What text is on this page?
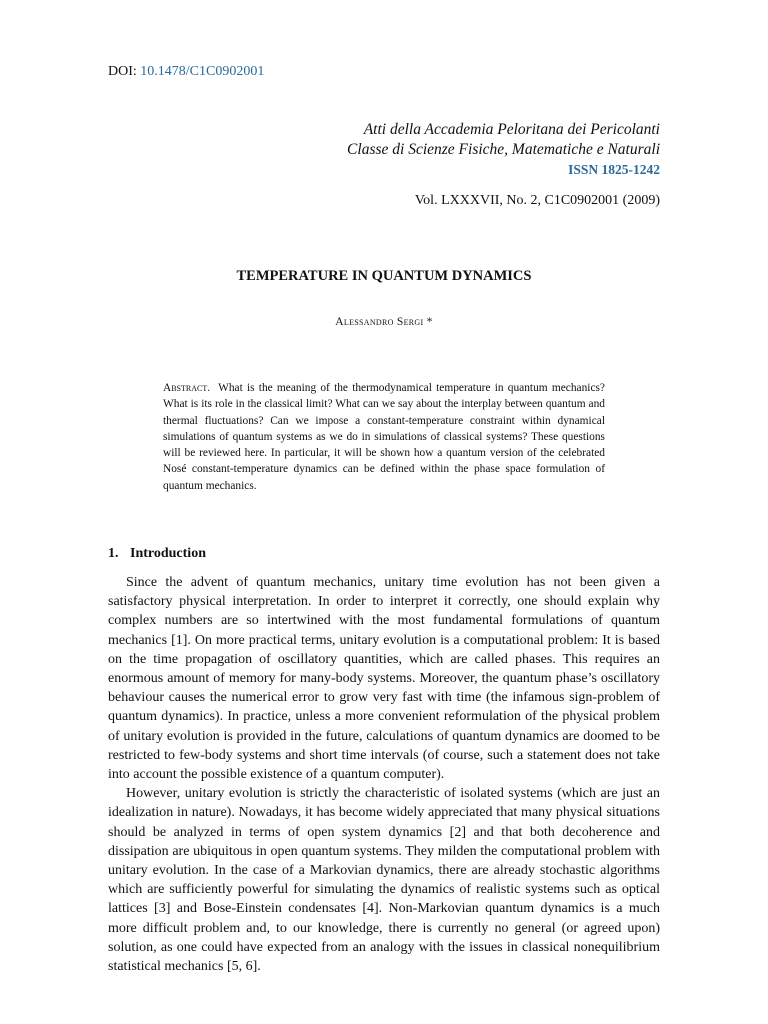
DOI: 10.1478/C1C0902001
Atti della Accademia Peloritana dei Pericolanti
Classe di Scienze Fisiche, Matematiche e Naturali
ISSN 1825-1242
Vol. LXXXVII, No. 2, C1C0902001 (2009)
TEMPERATURE IN QUANTUM DYNAMICS
Alessandro Sergi *
Abstract. What is the meaning of the thermodynamical temperature in quantum mechanics? What is its role in the classical limit? What can we say about the interplay between quantum and thermal fluctuations? Can we impose a constant-temperature constraint within dynamical simulations of quantum systems as we do in simulations of classical systems? These questions will be reviewed here. In particular, it will be shown how a quantum version of the celebrated Nosé constant-temperature dynamics can be defined within the phase space formulation of quantum mechanics.
1. Introduction

Since the advent of quantum mechanics, unitary time evolution has not been given a satisfactory physical interpretation. In order to interpret it correctly, one should explain why complex numbers are so intertwined with the most fundamental formulations of quantum mechanics [1]. On more practical terms, unitary evolution is a computational problem: It is based on the time propagation of oscillatory quantities, which are called phases. This requires an enormous amount of memory for many-body systems. Moreover, the quantum phase’s oscillatory behaviour causes the numerical error to grow very fast with time (the infamous sign-problem of quantum dynamics). In practice, unless a more convenient reformulation of the physical problem of unitary evolution is provided in the future, calculations of quantum dynamics are doomed to be restricted to few-body systems and short time intervals (of course, such a statement does not take into account the possible existence of a quantum computer).

However, unitary evolution is strictly the characteristic of isolated systems (which are just an idealization in nature). Nowadays, it has become widely appreciated that many physical situations should be analyzed in terms of open system dynamics [2] and that both decoherence and dissipation are ubiquitous in open quantum systems. They milden the computational problem with unitary evolution. In the case of a Markovian dynamics, there are already stochastic algorithms which are sufficiently powerful for simulating the dynamics of realistic systems such as optical lattices [3] and Bose-Einstein condensates [4]. Non-Markovian quantum dynamics is a much more difficult problem and, to our knowledge, there is currently no general (or agreed upon) solution, as one could have expected from an analogy with the issues in classical nonequilibrium statistical mechanics [5, 6].
